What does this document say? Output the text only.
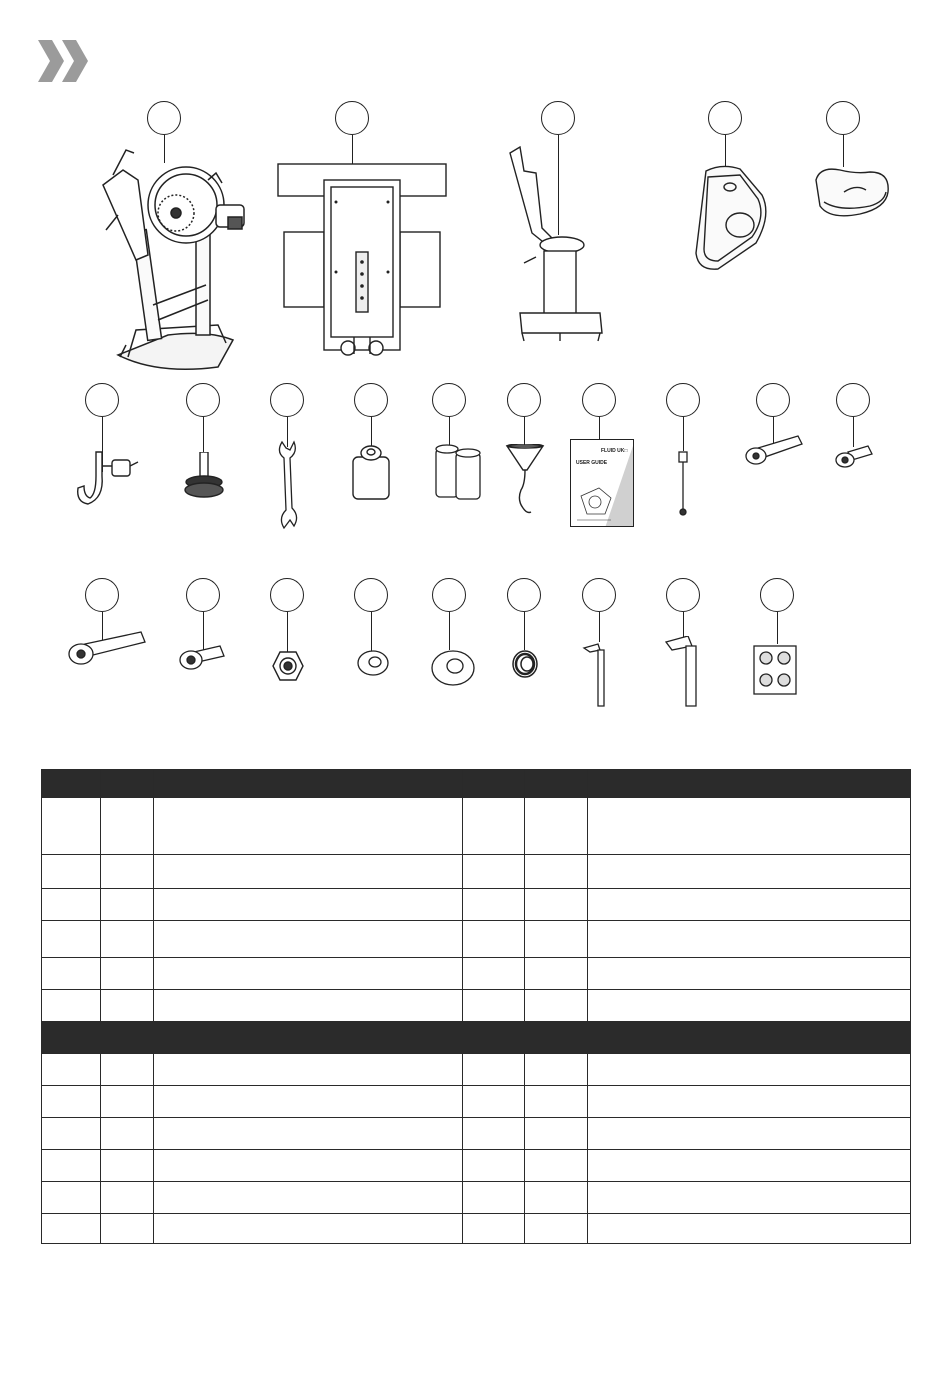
FLUID UK□
USER GUIDE
